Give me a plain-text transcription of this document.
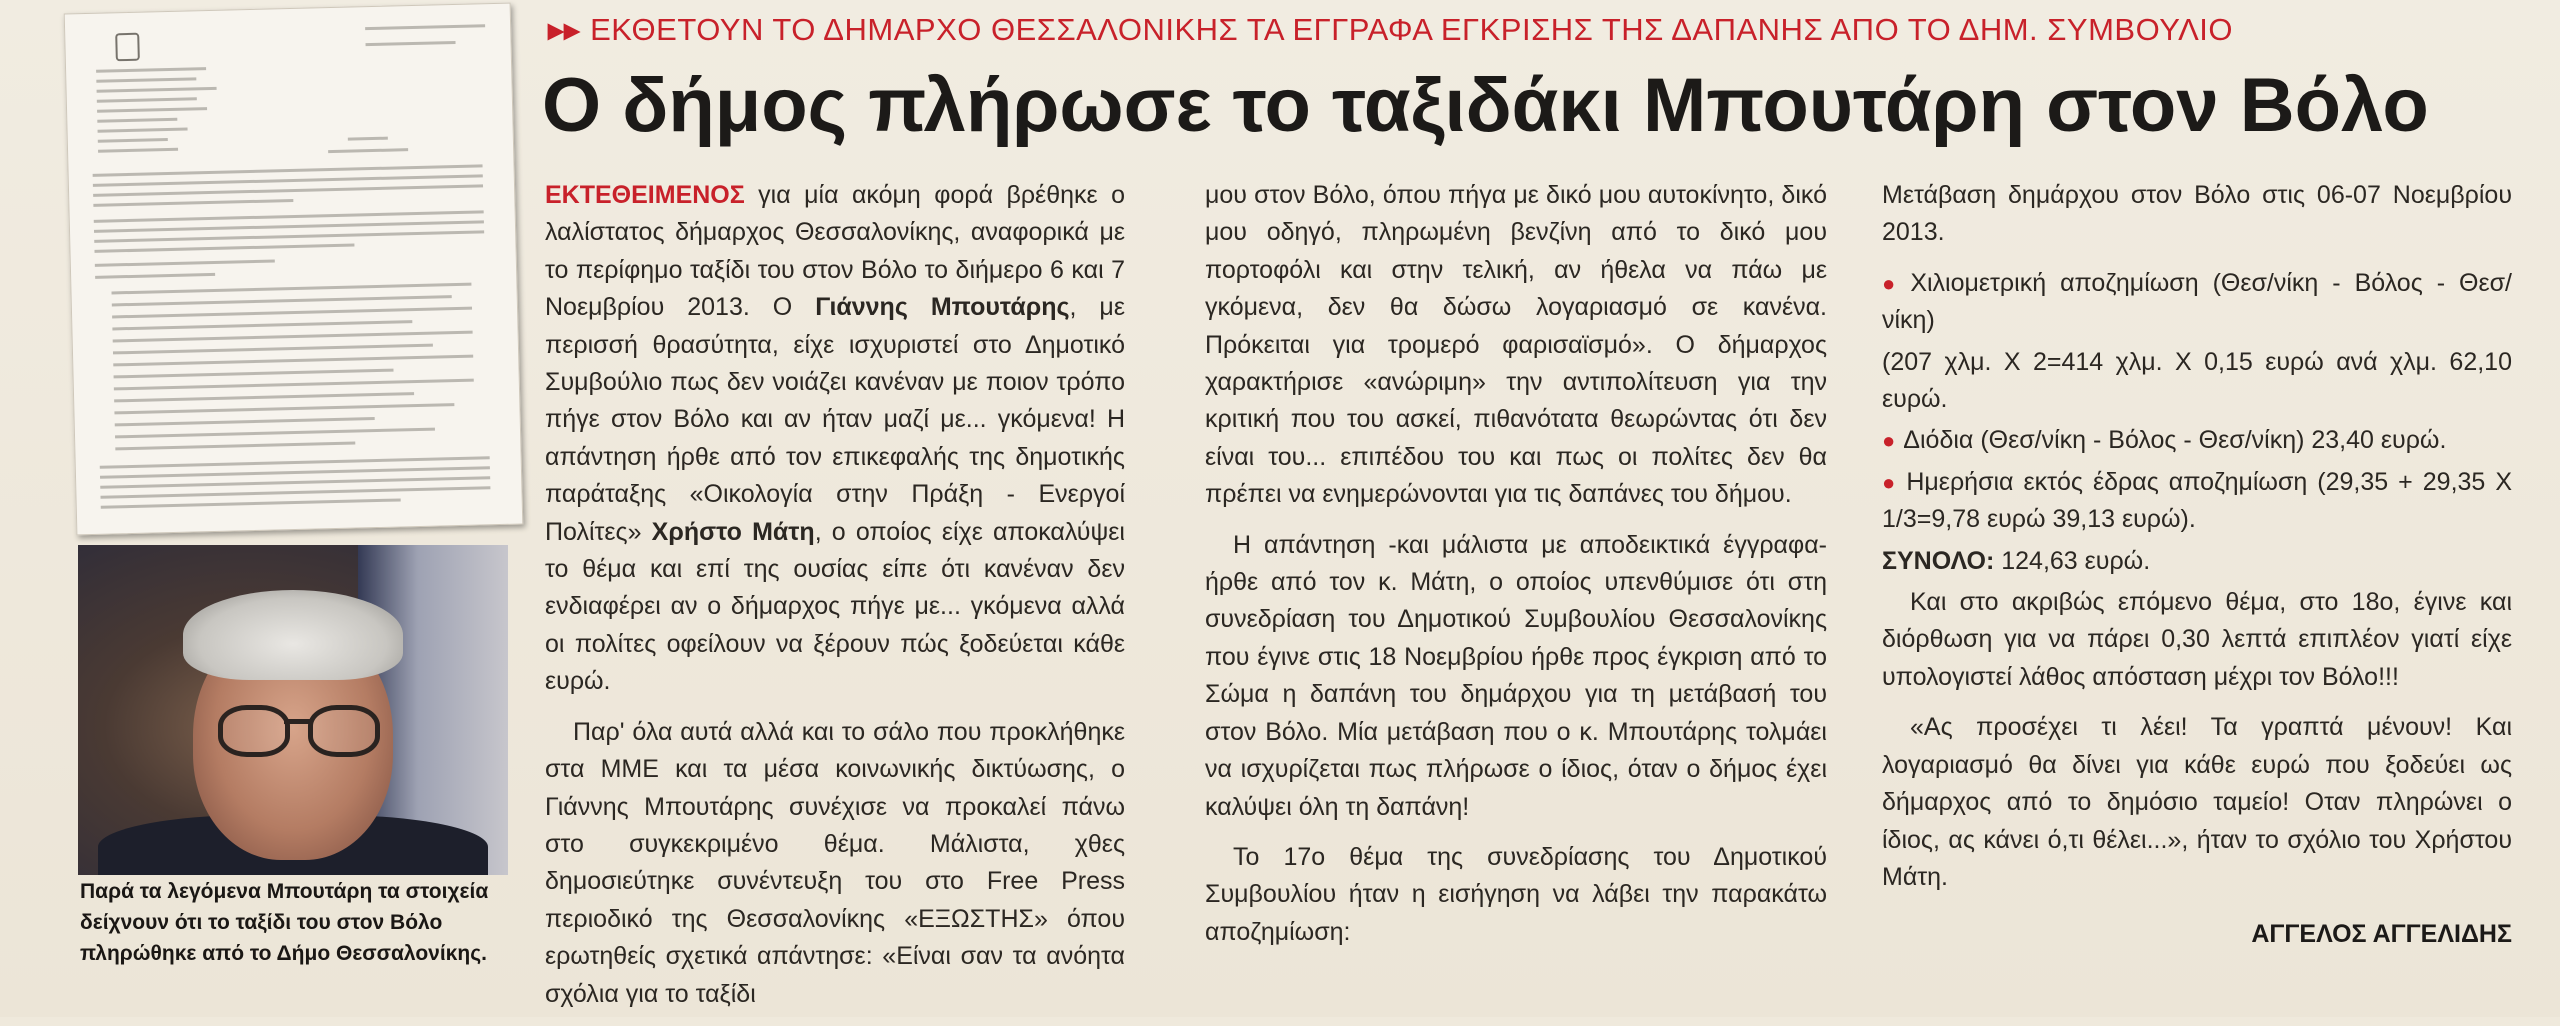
Παρά τα λεγόμενα Μπουτάρη τα στοιχεία δείχνουν ότι το ταξίδι του στον Βόλο πληρώθηκε από το Δήμο Θεσσαλονίκης.
▸▸ ΕΚΘΕΤΟΥΝ ΤΟ ΔΗΜΑΡΧΟ ΘΕΣΣΑΛΟΝΙΚΗΣ ΤΑ ΕΓΓΡΑΦΑ ΕΓΚΡΙΣΗΣ ΤΗΣ ΔΑΠΑΝΗΣ ΑΠΟ ΤΟ ΔΗΜ. ΣΥΜΒΟΥΛΙΟ
Ο δήμος πλήρωσε το ταξιδάκι Μπουτάρη στον Βόλο

ΕΚΤΕΘΕΙΜΕΝΟΣ για μία ακόμη φορά βρέθηκε ο λαλίστατος δήμαρχος Θεσσαλονίκης, αναφορικά με το περίφημο ταξίδι του στον Βόλο το διήμερο 6 και 7 Νοεμβρίου 2013. Ο Γιάννης Μπουτάρης, με περισσή θρασύτητα, είχε ισχυριστεί στο Δημοτικό Συμβούλιο πως δεν νοιάζει κανέναν με ποιον τρόπο πήγε στον Βόλο και αν ήταν μαζί με... γκόμενα! Η απάντηση ήρθε από τον επικεφαλής της δημοτικής παράταξης «Οικολογία στην Πράξη - Ενεργοί Πολίτες» Χρήστο Μάτη, ο οποίος είχε αποκαλύψει το θέμα και επί της ουσίας είπε ότι κανέναν δεν ενδιαφέρει αν ο δήμαρχος πήγε με... γκόμενα αλλά οι πολίτες οφείλουν να ξέρουν πώς ξοδεύεται κάθε ευρώ.

Παρ' όλα αυτά αλλά και το σάλο που προκλήθηκε στα ΜΜΕ και τα μέσα κοινωνικής δικτύωσης, ο Γιάννης Μπουτάρης συνέχισε να προκαλεί πάνω στο συγκεκριμένο θέμα. Μάλιστα, χθες δημοσιεύτηκε συνέντευξη του στο Free Press περιοδικό της Θεσσαλονίκης «ΕΞΩΣΤΗΣ» όπου ερωτηθείς σχετικά απάντησε: «Είναι σαν τα ανόητα σχόλια για το ταξίδι

μου στον Βόλο, όπου πήγα με δικό μου αυτοκίνητο, δικό μου οδηγό, πληρωμένη βενζίνη από το δικό μου πορτοφόλι και στην τελική, αν ήθελα να πάω με γκόμενα, δεν θα δώσω λογαριασμό σε κανένα. Πρόκειται για τρομερό φαρισαϊσμό». Ο δήμαρχος χαρακτήρισε «ανώριμη» την αντιπολίτευση για την κριτική που του ασκεί, πιθανότατα θεωρώντας ότι δεν είναι του... επιπέδου του και πως οι πολίτες δεν θα πρέπει να ενημερώνονται για τις δαπάνες του δήμου.

Η απάντηση -και μάλιστα με αποδεικτικά έγγραφα- ήρθε από τον κ. Μάτη, ο οποίος υπενθύμισε ότι στη συνεδρίαση του Δημοτικού Συμβουλίου Θεσσαλονίκης που έγινε στις 18 Νοεμβρίου ήρθε προς έγκριση από το Σώμα η δαπάνη του δημάρχου για τη μετάβασή του στον Βόλο. Μία μετάβαση που ο κ. Μπουτάρης τολμάει να ισχυρίζεται πως πλήρωσε ο ίδιος, όταν ο δήμος έχει καλύψει όλη τη δαπάνη!

Το 17ο θέμα της συνεδρίασης του Δημοτικού Συμβουλίου ήταν η εισήγηση να λάβει την παρακάτω αποζημίωση:

Μετάβαση δημάρχου στον Βόλο στις 06-07 Νοεμβρίου 2013.

● Χιλιομετρική αποζημίωση (Θεσ/νίκη - Βόλος - Θεσ/νίκη)

(207 χλμ. Χ 2=414 χλμ. Χ 0,15 ευρώ ανά χλμ. 62,10 ευρώ.

● Διόδια (Θεσ/νίκη - Βόλος - Θεσ/νίκη) 23,40 ευρώ.

● Ημερήσια εκτός έδρας αποζημίωση (29,35 + 29,35 Χ 1/3=9,78 ευρώ 39,13 ευρώ).

ΣΥΝΟΛΟ: 124,63 ευρώ.

Και στο ακριβώς επόμενο θέμα, στο 18ο, έγινε και διόρθωση για να πάρει 0,30 λεπτά επιπλέον γιατί είχε υπολογιστεί λάθος απόσταση μέχρι τον Βόλο!!!

«Ας προσέχει τι λέει! Τα γραπτά μένουν! Και λογαριασμό θα δίνει για κάθε ευρώ που ξοδεύει ως δήμαρχος από το δημόσιο ταμείο! Οταν πληρώνει ο ίδιος, ας κάνει ό,τι θέλει...», ήταν το σχόλιο του Χρήστου Μάτη.

ΑΓΓΕΛΟΣ ΑΓΓΕΛΙΔΗΣ
